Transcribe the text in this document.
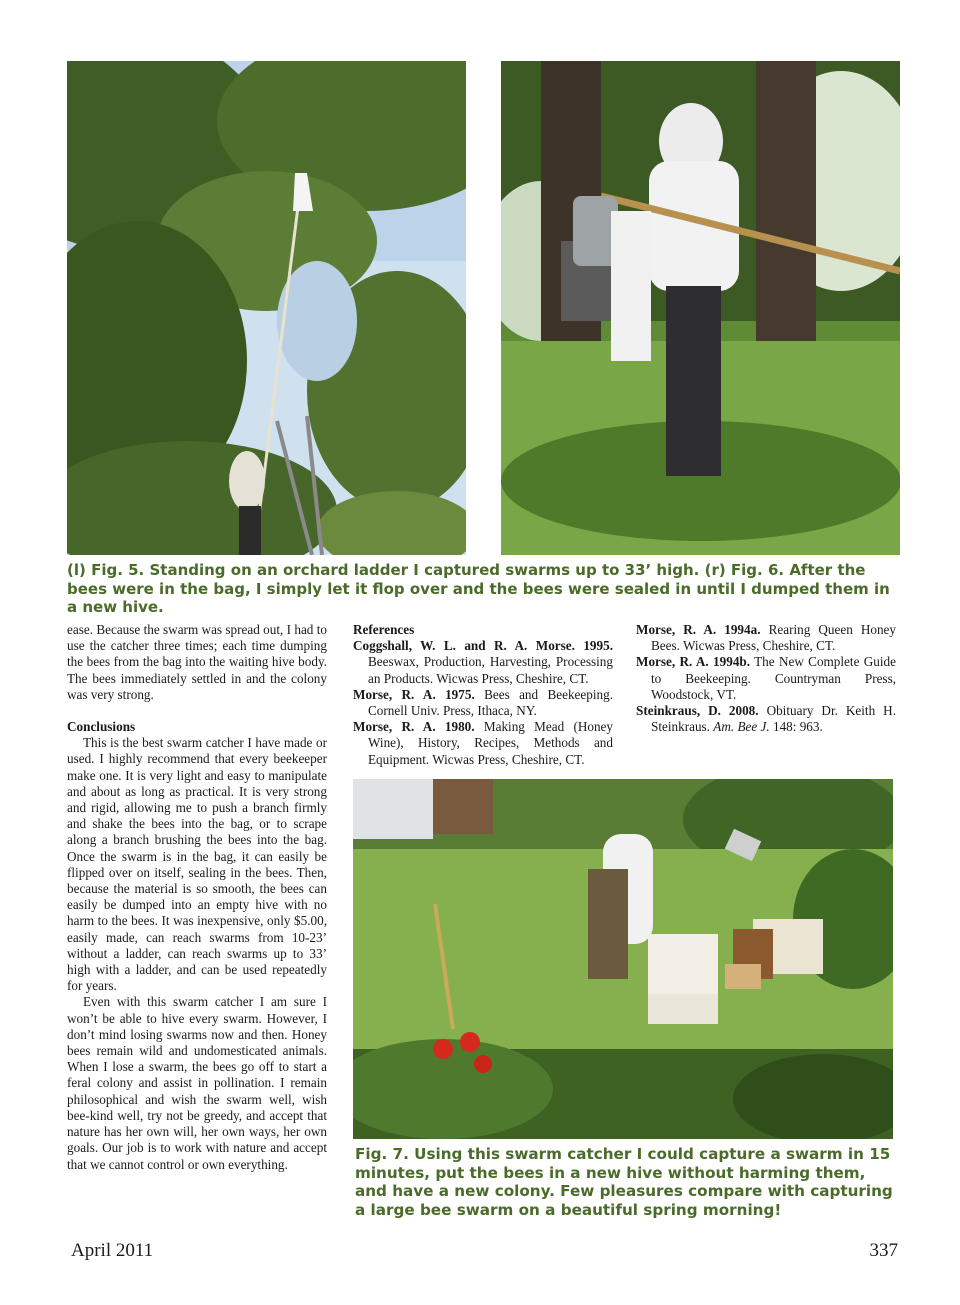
(l) Fig. 5. Standing on an orchard ladder I captured swarms up to 33’ high. (r) Fig. 6. After the bees were in the bag, I simply let it flop over and the bees were sealed in until I dumped them in a new hive.

ease. Because the swarm was spread out, I had to use the catcher three times; each time dumping the bees from the bag into the waiting hive body. The bees immediately settled in and the colony was very strong.

Conclusions

This is the best swarm catcher I have made or used. I highly recommend that every beekeeper make one. It is very light and easy to manipulate and about as long as practical. It is very strong and rigid, allowing me to push a branch firmly and shake the bees into the bag, or to scrape along a branch brushing the bees into the bag. Once the swarm is in the bag, it can easily be flipped over on itself, sealing in the bees. Then, because the material is so smooth, the bees can easily be dumped into an empty hive with no harm to the bees. It was inexpensive, only $5.00, easily made, can reach swarms from 10-23’ without a ladder, can reach swarms up to 33’ high with a ladder, and can be used repeatedly for years.

Even with this swarm catcher I am sure I won’t be able to hive every swarm. However, I don’t mind losing swarms now and then. Honey bees remain wild and undomesticated animals. When I lose a swarm, the bees go off to start a feral colony and assist in pollination. I remain philosophical and wish the swarm well, wish bee-kind well, try not be greedy, and accept that nature has her own will, her own ways, her own goals. Our job is to work with nature and accept that we cannot control or own everything.

References

Coggshall, W. L. and R. A. Morse. 1995. Beeswax, Production, Harvesting, Processing an Products. Wicwas Press, Cheshire, CT.

Morse, R. A. 1975. Bees and Beekeeping. Cornell Univ. Press, Ithaca, NY.

Morse, R. A. 1980. Making Mead (Honey Wine), History, Recipes, Methods and Equipment. Wicwas Press, Cheshire, CT.

Morse, R. A. 1994a. Rearing Queen Honey Bees. Wicwas Press, Cheshire, CT.

Morse, R. A. 1994b. The New Complete Guide to Beekeeping. Countryman Press, Woodstock, VT.

Steinkraus, D. 2008. Obituary Dr. Keith H. Steinkraus. Am. Bee J. 148: 963.

Fig. 7. Using this swarm catcher I could capture a swarm in 15 minutes, put the bees in a new hive without harming them, and have a new colony. Few pleasures compare with capturing a large bee swarm on a beautiful spring morning!
April 2011	337
